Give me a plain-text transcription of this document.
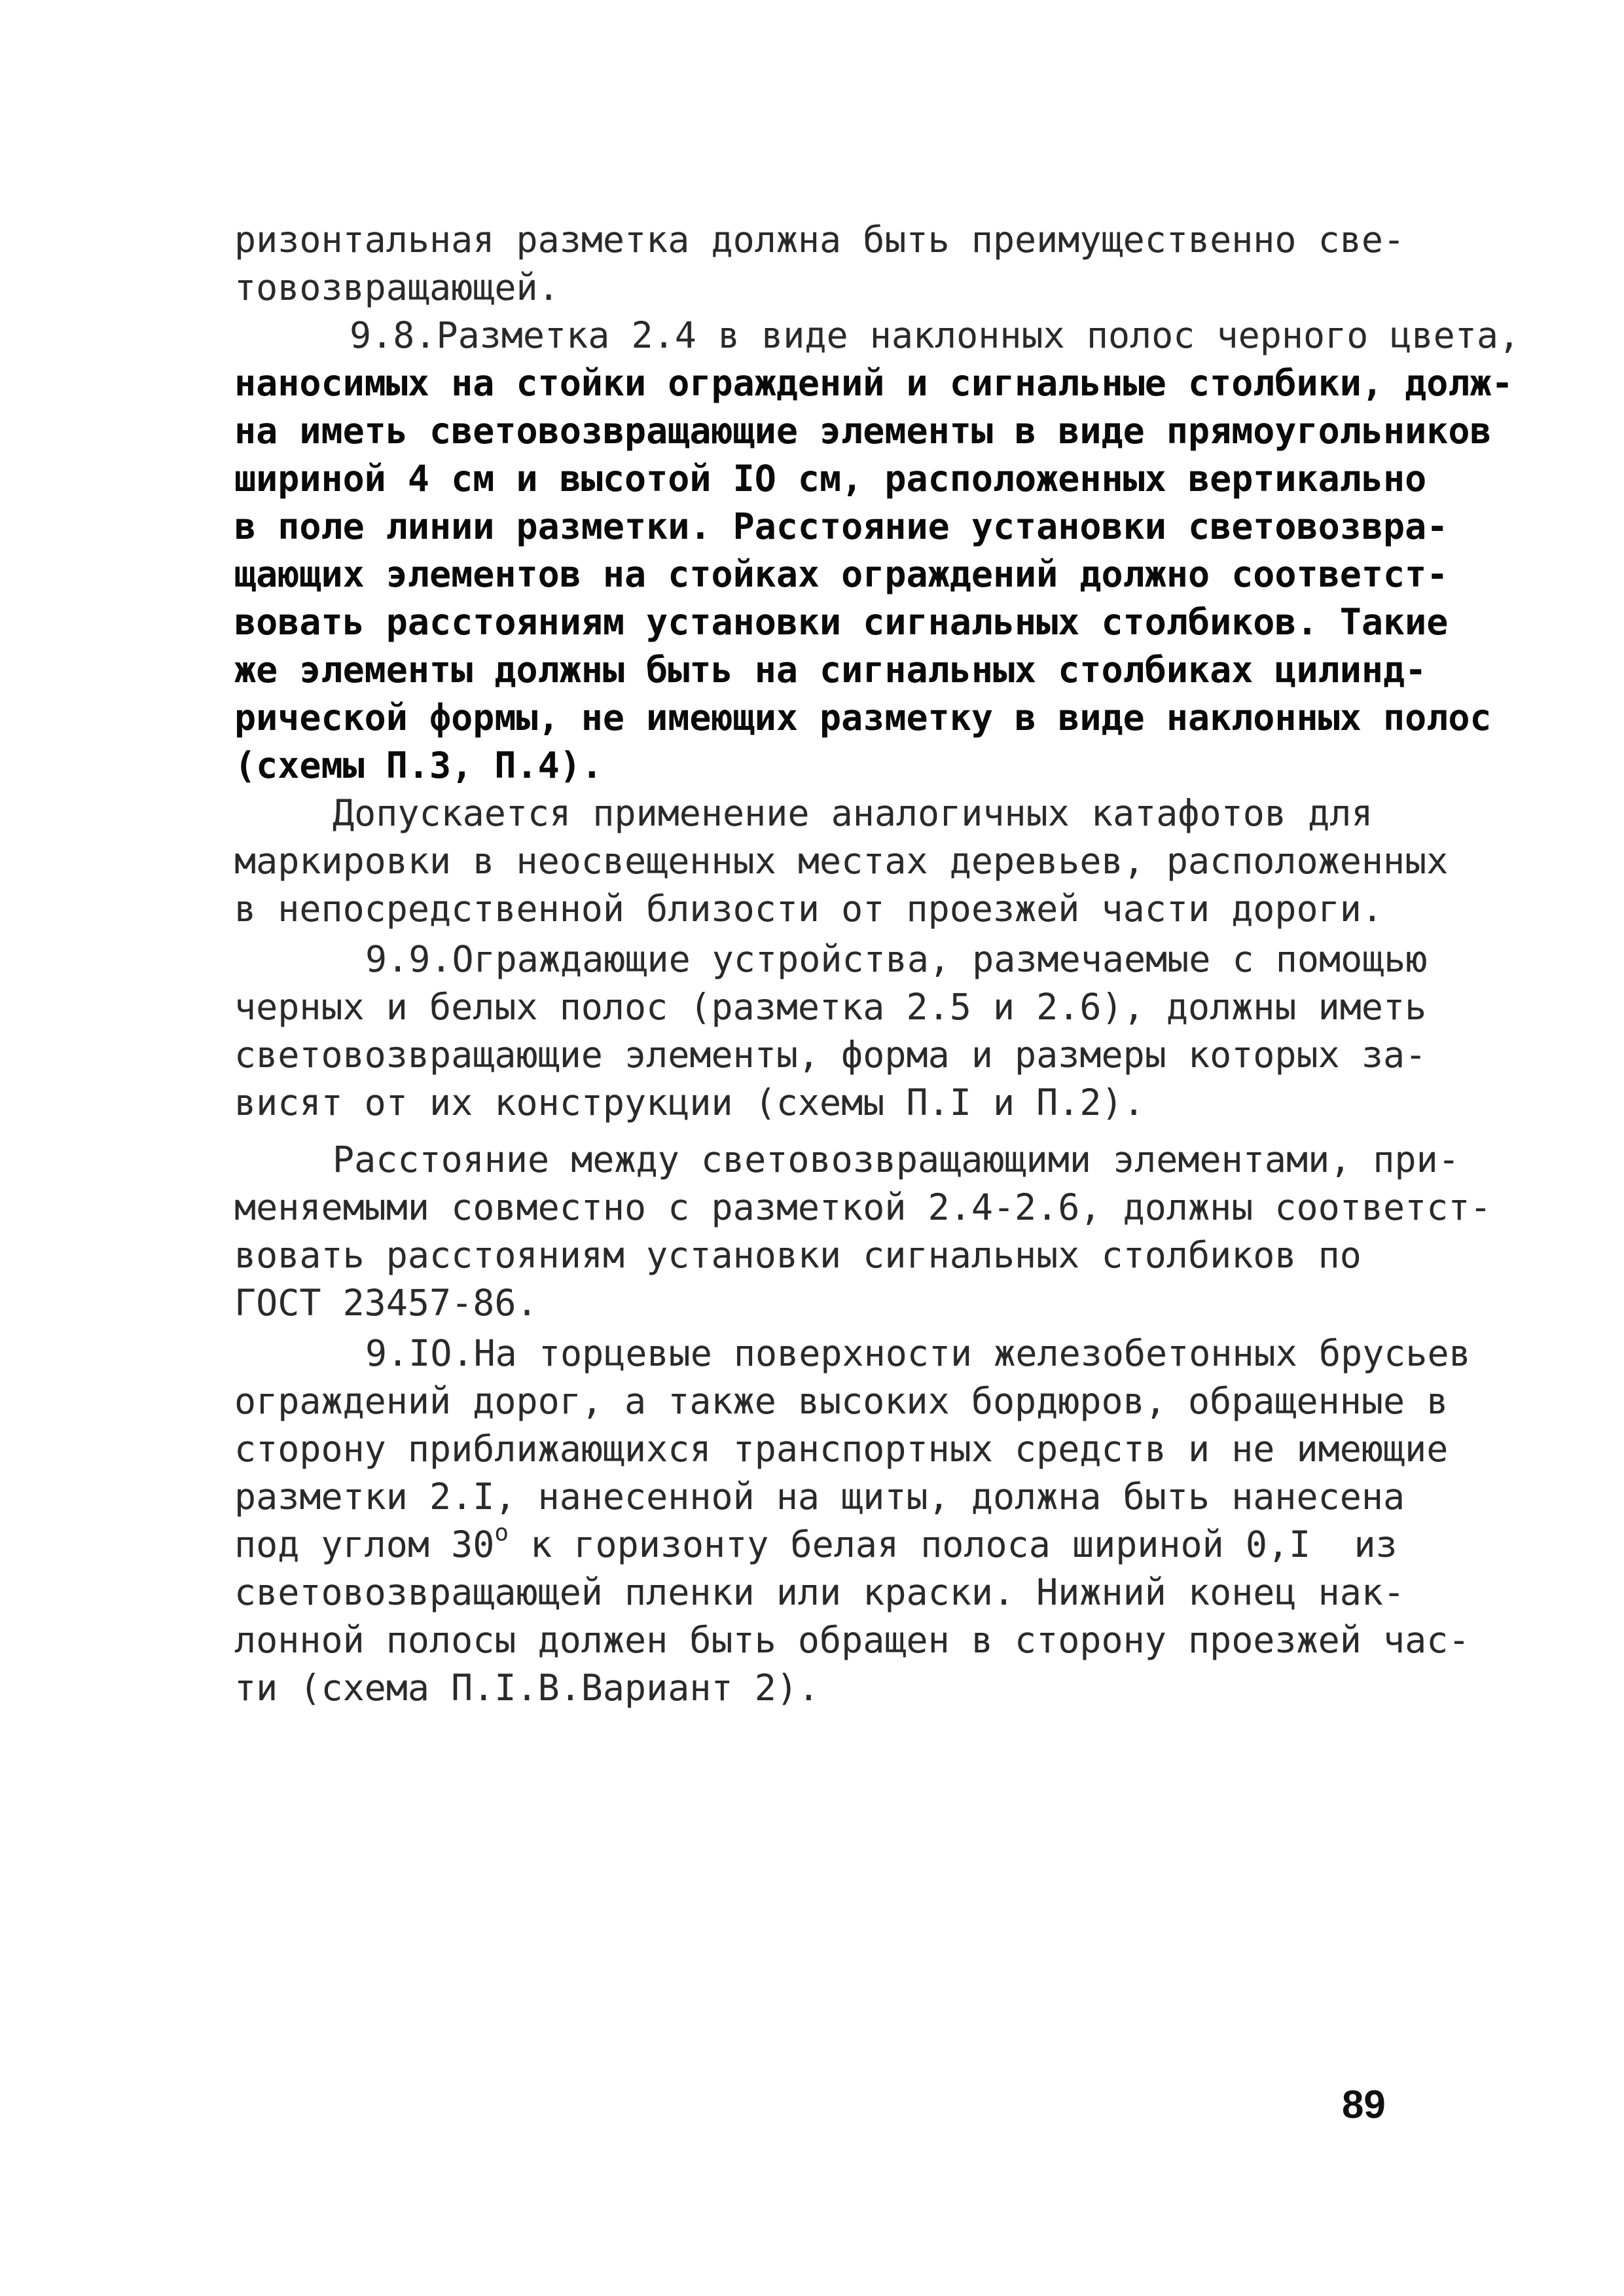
ризонтальная разметка должна быть преимущественно све-
товозвращающей.
9.8.Разметка 2.4 в виде наклонных полос черного цвета,
наносимых на стойки ограждений и сигнальные столбики, долж-
на иметь световозвращающие элементы в виде прямоугольников
шириной 4 см и высотой IO см, расположенных вертикально
в поле линии разметки. Расстояние установки световозвра-
щающих элементов на стойках ограждений должно соответст-
вовать расстояниям установки сигнальных столбиков. Такие
же элементы должны быть на сигнальных столбиках цилинд-
рической формы, не имеющих разметку в виде наклонных полос
(схемы П.3, П.4).
Допускается применение аналогичных катафотов для
маркировки в неосвещенных местах деревьев, расположенных
в непосредственной близости от проезжей части дороги.
9.9.Ограждающие устройства, размечаемые с помощью
черных и белых полос (разметка 2.5 и 2.6), должны иметь
световозвращающие элементы, форма и размеры которых за-
висят от их конструкции (схемы П.I и П.2).
Расстояние между световозвращающими элементами, при-
меняемыми совместно с разметкой 2.4-2.6, должны соответст-
вовать расстояниям установки сигнальных столбиков по
ГОСТ 23457-86.
9.IO.На торцевые поверхности железобетонных брусьев
ограждений дорог, а также высоких бордюров, обращенные в
сторону приближающихся транспортных средств и не имеющие
разметки 2.I, нанесенной на щиты, должна быть нанесена
под углом 30$^o$ к горизонту белая полоса шириной 0,I  из
световозвращающей пленки или краски. Нижний конец нак-
лонной полосы должен быть обращен в сторону проезжей час-
ти (схема П.I.В.Вариант 2).
89
